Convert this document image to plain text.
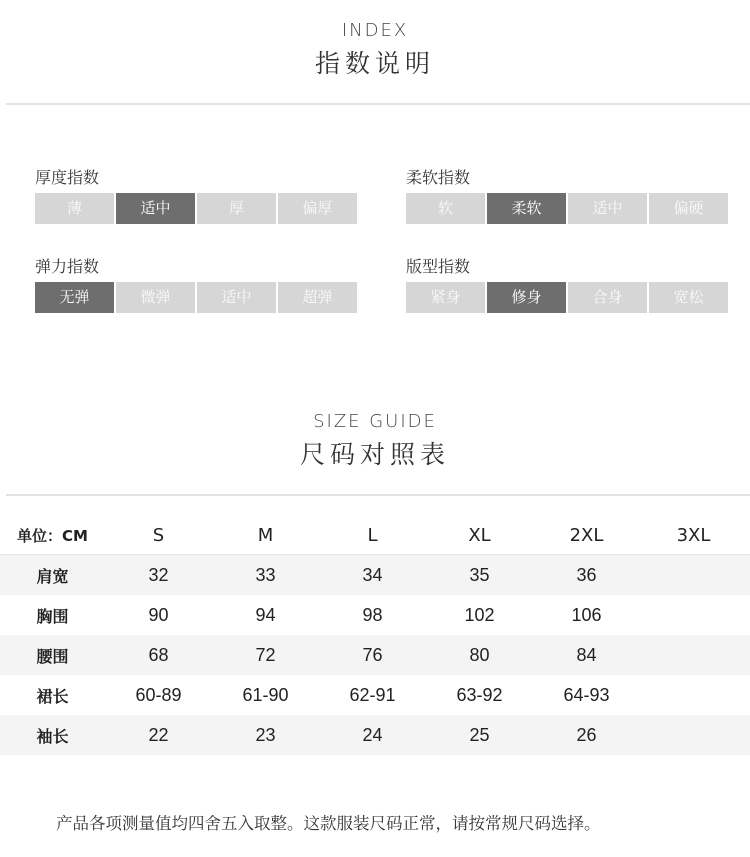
INDEX
指数说明
厚度指数
薄	适中	厚	偏厚
柔软指数
软	柔软	适中	偏硬
弹力指数
无弹	微弹	适中	超弹
版型指数
紧身	修身	合身	宽松
SIZE GUIDE
尺码对照表
单位：CM	S	M	L	XL	2XL	3XL
肩宽	32	33	34	35	36
胸围	90	94	98	102	106
腰围	68	72	76	80	84
裙长	60-89	61-90	62-91	63-92	64-93
袖长	22	23	24	25	26
产品各项测量值均四舍五入取整。这款服装尺码正常，请按常规尺码选择。
